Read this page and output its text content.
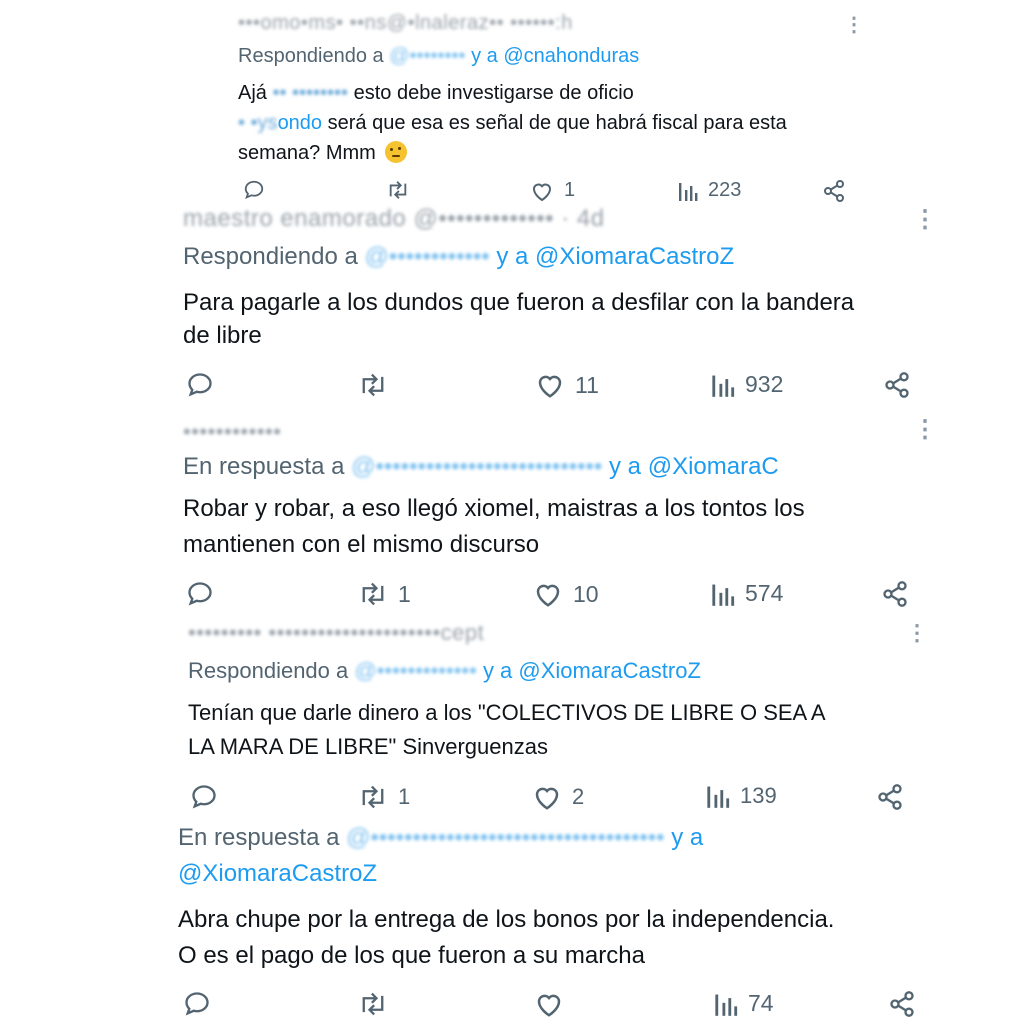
•••omo•ms• ••ns@•lnaleraz•• ••••••:h	⋮
Respondiendo a @•••••••• y a @cnahonduras
Ajá •• •••••••• esto debe investigarse de oficio
• •ysondo será que esa es señal de que habrá fiscal para esta
semana? Mmm
1	223
maestro enamorado @••••••••••••• · 4d	⋮
Respondiendo a @•••••••••••• y a @XiomaraCastroZ
Para pagarle a los dundos que fueron a desfilar con la bandera
de libre
11	932
••••••••••••	⋮
En respuesta a @••••••••••••••••••••••••••• y a @XiomaraC
Robar y robar, a eso llegó xiomel, maistras a los tontos los
mantienen con el mismo discurso
1	10	574
••••••••• •••••••••••••••••••••cept	⋮
Respondiendo a @••••••••••••• y a @XiomaraCastroZ
Tenían que darle dinero a los "COLECTIVOS DE LIBRE O SEA A
LA MARA DE LIBRE" Sinverguenzas
1	2	139
En respuesta a @••••••••••••••••••••••••••••••••••• y a
@XiomaraCastroZ
Abra chupe por la entrega de los bonos por la independencia.
O es el pago de los que fueron a su marcha
74
